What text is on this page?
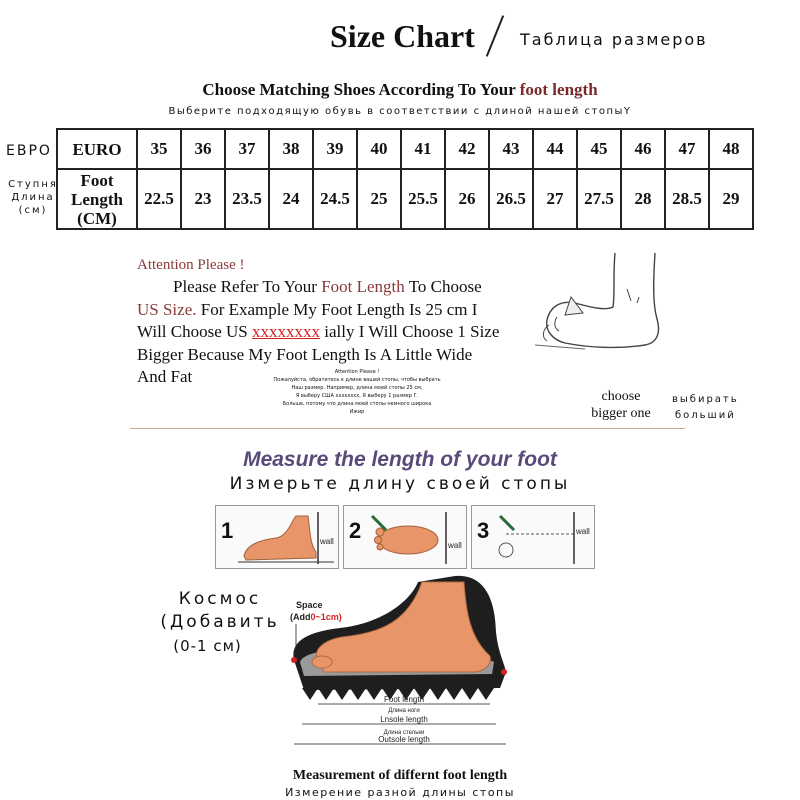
Size Chart	Таблица размеров
Choose Matching Shoes According To Your foot length
Выберите подходящую обувь в соответствии с длиной нашей стопыY
ЕВРО
Ступня Длина (см)
EURO	35	36	37	38	39	40	41	42	43	44	45	46	47	48
Foot Length (CM)	22.5	23	23.5	24	24.5	25	25.5	26	26.5	27	27.5	28	28.5	29
Attention Please !
Please Refer To Your Foot Length To Choose
US Size. For Example My Foot Length Is 25 cm I
Will Choose US xxxxxxxx ially I Will Choose 1 Size
Bigger Because My Foot Length Is A Little Wide
And Fat	Attention Please !
Пожалуйста, обратитесь к длине вашей стопы, чтобы выбрать
Наш размер. Например, длина моей стопы 25 см,
Я выберу США xxxxxxxx, Я выберу 1 размер Г.
Больше, потому что длина моей стопы немного широка
Ижир
choose
bigger one
выбирать
больший
Measure the length of your foot
Измерьте длину своей стопы
1	wall 2
wall
3	wall
Космос (Добавить
(0-1 см)
Space
(Add0~1cm)
Foot length
Длина ноги
Lnsole length
Длина стельки
Outsole length
Measurement of differnt foot length
Измерение разной длины стопы
